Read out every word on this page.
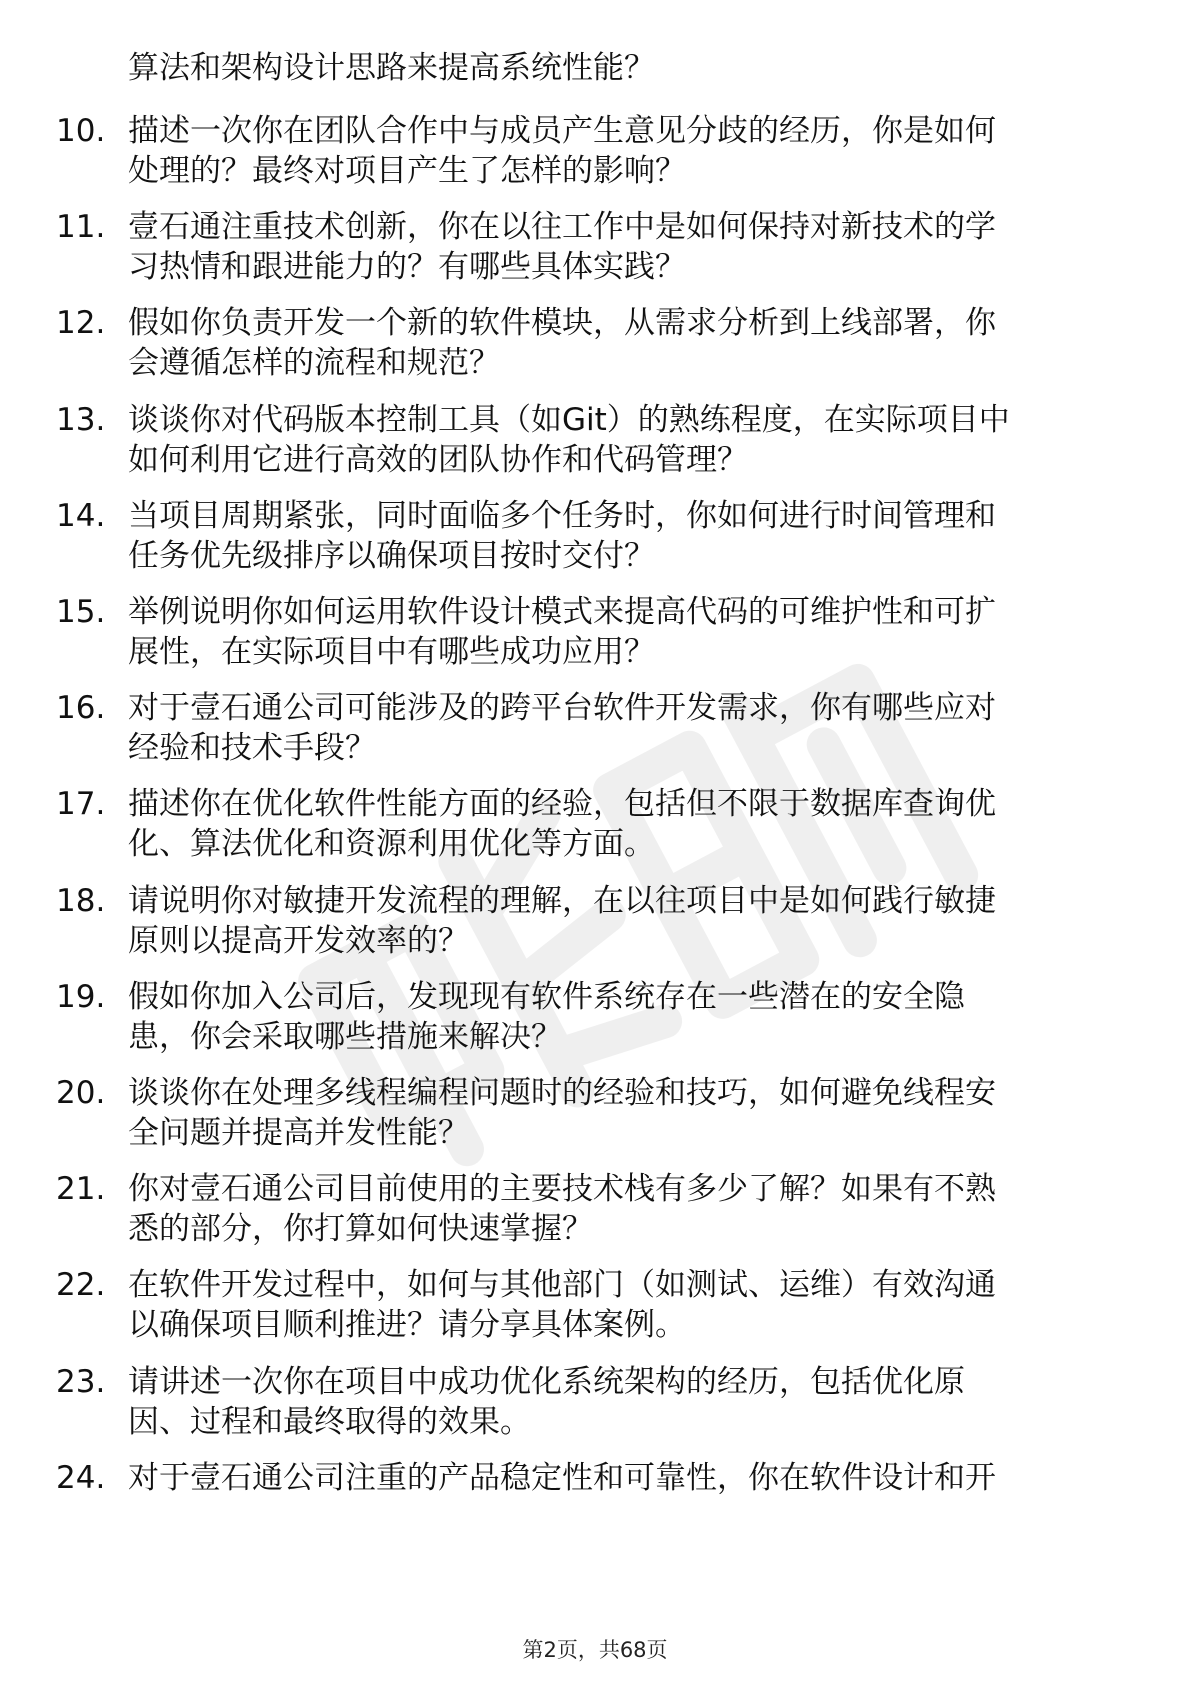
算法和架构设计思路来提高系统性能？
10. 描述一次你在团队合作中与成员产生意见分歧的经历，你是如何
处理的？最终对项目产生了怎样的影响？

11. 壹石通注重技术创新，你在以往工作中是如何保持对新技术的学
习热情和跟进能力的？有哪些具体实践？

12. 假如你负责开发一个新的软件模块，从需求分析到上线部署，你
会遵循怎样的流程和规范？

13. 谈谈你对代码版本控制工具（如Git）的熟练程度，在实际项目中
如何利用它进行高效的团队协作和代码管理？

14. 当项目周期紧张，同时面临多个任务时，你如何进行时间管理和
任务优先级排序以确保项目按时交付？

15. 举例说明你如何运用软件设计模式来提高代码的可维护性和可扩
展性，在实际项目中有哪些成功应用？

16. 对于壹石通公司可能涉及的跨平台软件开发需求，你有哪些应对
经验和技术手段？

17. 描述你在优化软件性能方面的经验，包括但不限于数据库查询优
化、算法优化和资源利用优化等方面。

18. 请说明你对敏捷开发流程的理解，在以往项目中是如何践行敏捷
原则以提高开发效率的？

19. 假如你加入公司后，发现现有软件系统存在一些潜在的安全隐
患，你会采取哪些措施来解决？

20. 谈谈你在处理多线程编程问题时的经验和技巧，如何避免线程安
全问题并提高并发性能？

21. 你对壹石通公司目前使用的主要技术栈有多少了解？如果有不熟
悉的部分，你打算如何快速掌握？

22. 在软件开发过程中，如何与其他部门（如测试、运维）有效沟通
以确保项目顺利推进？请分享具体案例。

23. 请讲述一次你在项目中成功优化系统架构的经历，包括优化原
因、过程和最终取得的效果。

24. 对于壹石通公司注重的产品稳定性和可靠性，你在软件设计和开

第2页，共68页
